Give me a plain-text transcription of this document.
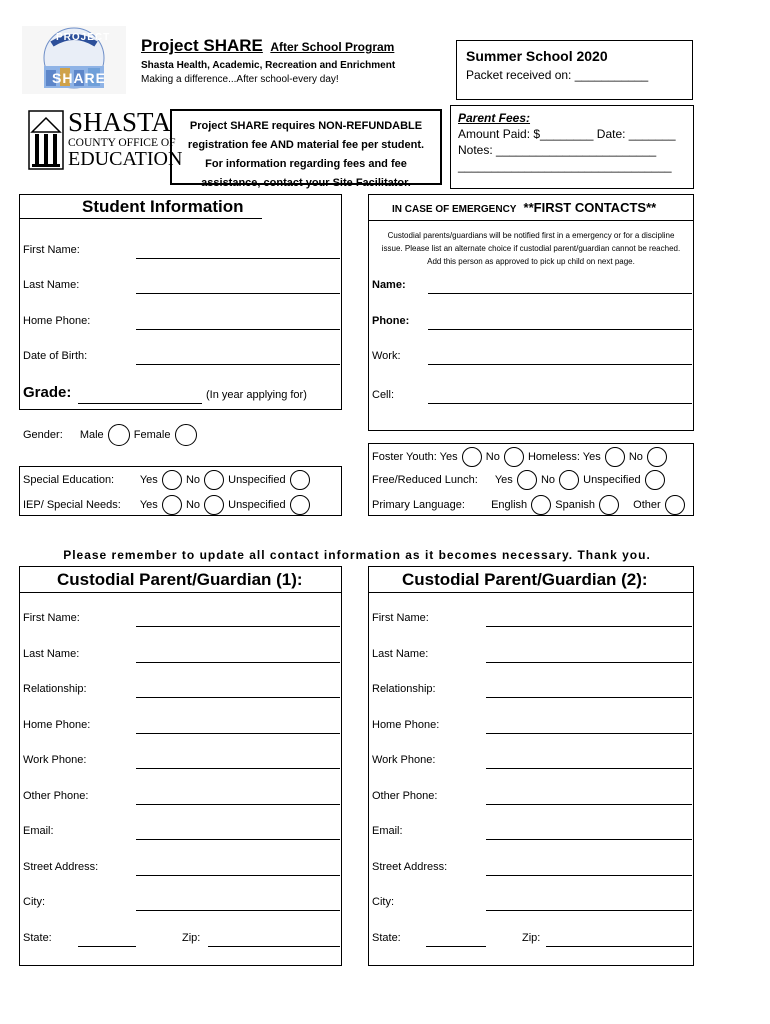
PROJECT
SHARE
Project SHARE After School Program
Shasta Health, Academic, Recreation and Enrichment
Making a difference...After school-every day!
Summer School 2020
Packet received on: ___________
SHASTA
COUNTY OFFICE OF
EDUCATION
Project SHARE requires NON-REFUNDABLE registration fee AND material fee per student. For information regarding fees and fee assistance, contact your Site Facilitator.
Parent Fees:
Amount Paid: $________ Date: _______
Notes: ________________________
________________________________
Student Information
First Name:
Last Name:
Home Phone:
Date of Birth:
Grade:	(In year applying for)
Gender: Male	Female
IN CASE OF EMERGENCY **FIRST CONTACTS**
Custodial parents/guardians will be notified first in a emergency or for a discipline
issue. Please list an alternate choice if custodial parent/guardian cannot be reached.
Add this person as approved to pick up child on next page.
Name:
Phone:
Work:
Cell:
Special Education: Yes	No	Unspecified
IEP/ Special Needs: Yes	No	Unspecified
Foster Youth: Yes	No	Homeless: Yes	No
Free/Reduced Lunch: Yes	No	Unspecified
Primary Language: English	Spanish	Other
Please remember to update all contact information as it becomes necessary. Thank you.
Custodial Parent/Guardian (1):
First Name:
Last Name:
Relationship:
Home Phone:
Work Phone:
Other Phone:
Email:
Street Address:
City:
State:	Zip:
Custodial Parent/Guardian (2):
First Name:
Last Name:
Relationship:
Home Phone:
Work Phone:
Other Phone:
Email:
Street Address:
City:
State:	Zip:
